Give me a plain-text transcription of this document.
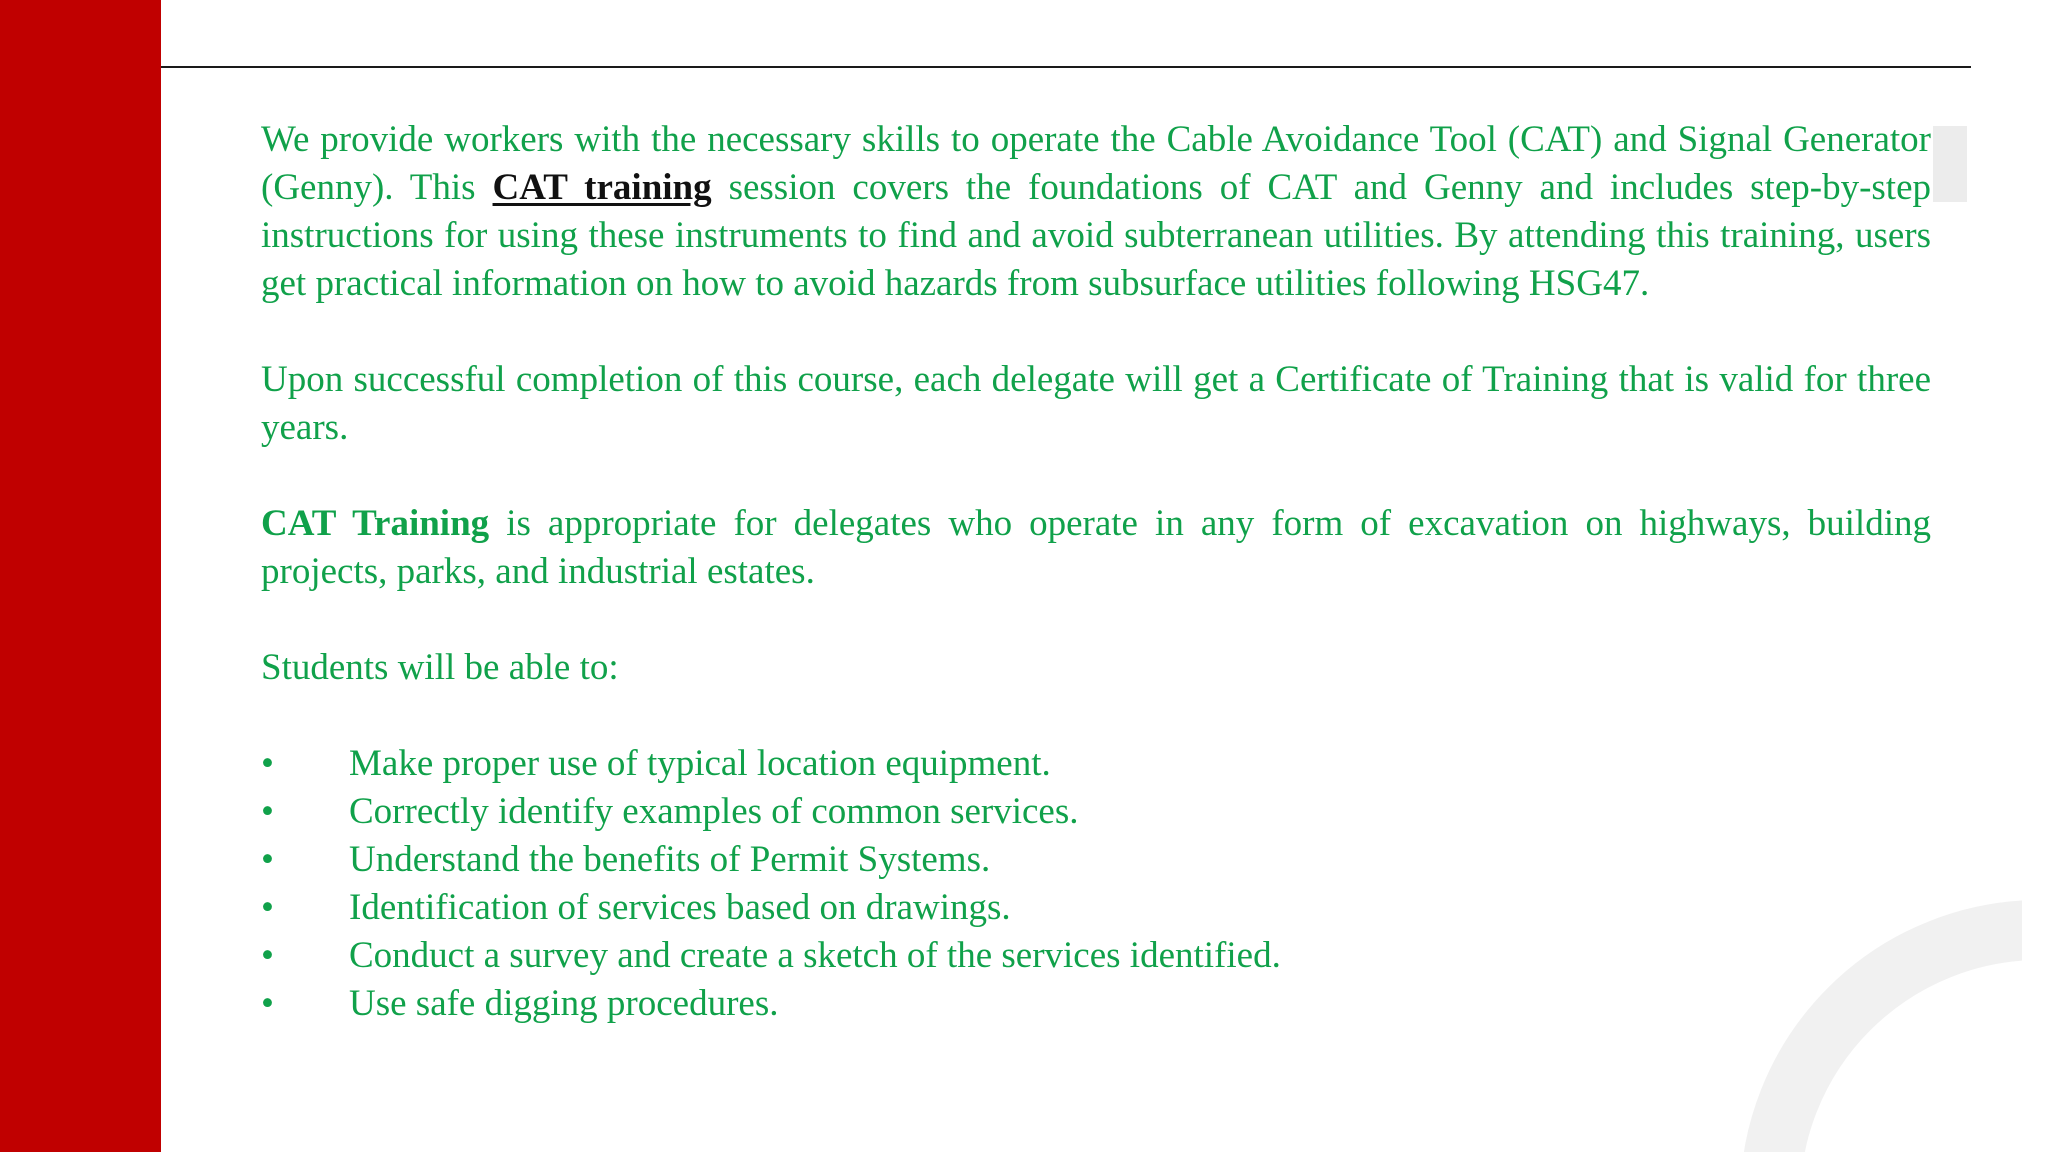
We provide workers with the necessary skills to operate the Cable Avoidance Tool (CAT) and Signal Generator (Genny). This CAT training session covers the foundations of CAT and Genny and includes step-by-step instructions for using these instruments to find and avoid subterranean utilities. By attending this training, users get practical information on how to avoid hazards from subsurface utilities following HSG47.

Upon successful completion of this course, each delegate will get a Certificate of Training that is valid for three years.

CAT Training is appropriate for delegates who operate in any form of excavation on highways, building projects, parks, and industrial estates.

Students will be able to:

•	Make proper use of typical location equipment.
•	Correctly identify examples of common services.
•	Understand the benefits of Permit Systems.
•	Identification of services based on drawings.
•	Conduct a survey and create a sketch of the services identified.
•	Use safe digging procedures.
